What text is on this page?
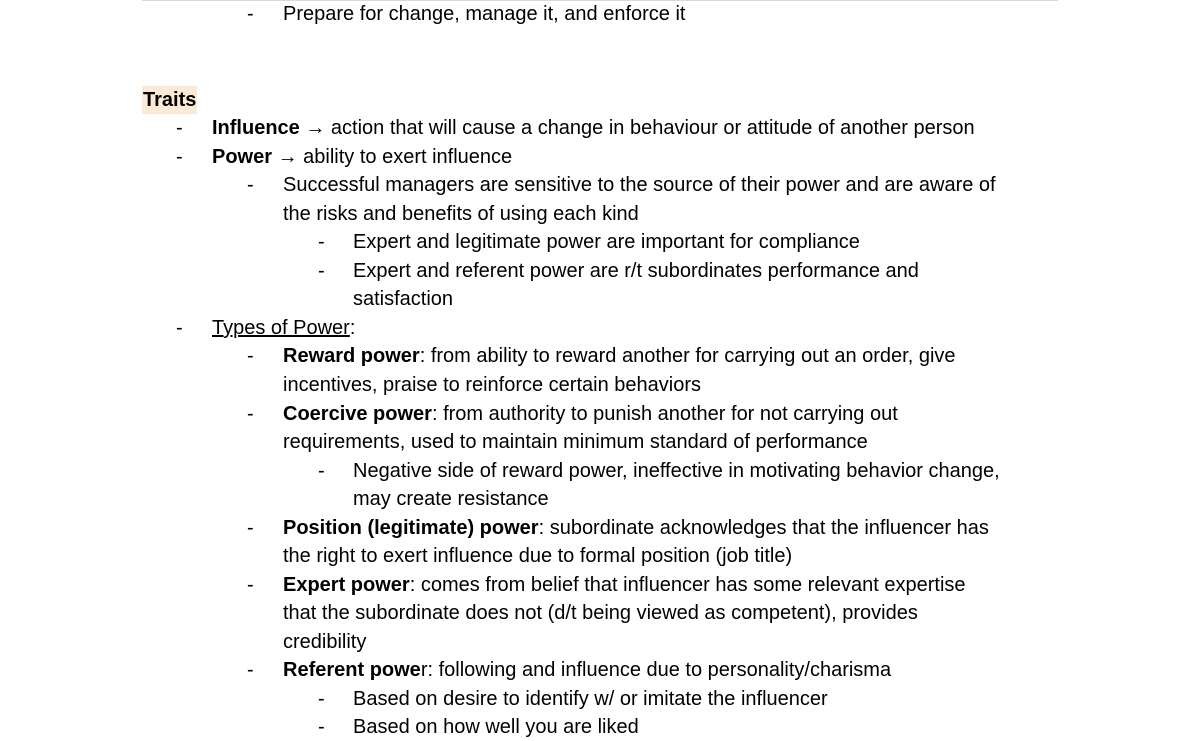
- Prepare for change, manage it, and enforce it
Traits
- Influence → action that will cause a change in behaviour or attitude of another person
- Power → ability to exert influence
- Successful managers are sensitive to the source of their power and are aware of
the risks and benefits of using each kind
- Expert and legitimate power are important for compliance
- Expert and referent power are r/t subordinates performance and
satisfaction
- Types of Power:
- Reward power: from ability to reward another for carrying out an order, give
incentives, praise to reinforce certain behaviors
- Coercive power: from authority to punish another for not carrying out
requirements, used to maintain minimum standard of performance
- Negative side of reward power, ineffective in motivating behavior change,
may create resistance
- Position (legitimate) power: subordinate acknowledges that the influencer has
the right to exert influence due to formal position (job title)
- Expert power: comes from belief that influencer has some relevant expertise
that the subordinate does not (d/t being viewed as competent), provides
credibility
- Referent power: following and influence due to personality/charisma
- Based on desire to identify w/ or imitate the influencer
- Based on how well you are liked
